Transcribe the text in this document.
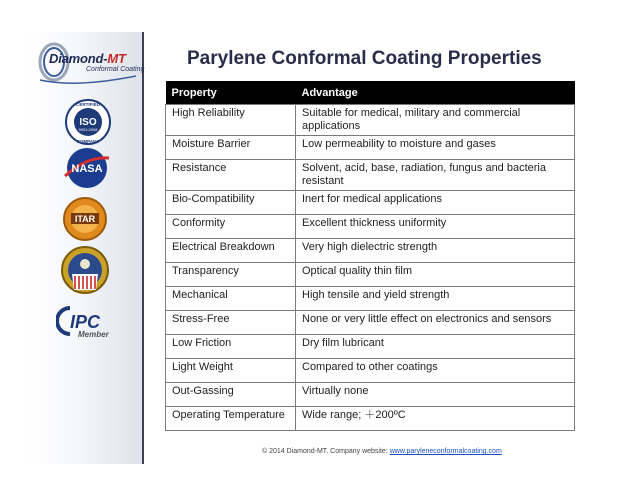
Diamond-MT
Conformal Coating
ISO
9001:2008
CERTIFIED
COMPANY
NASA
ITAR
IPC
Member
Parylene Conformal Coating Properties
Property	Advantage
High Reliability	Suitable for medical, military and commercial applications
Moisture Barrier	Low permeability to moisture and gases
Resistance	Solvent, acid, base, radiation, fungus and bacteria resistant
Bio-Compatibility	Inert for medical applications
Conformity	Excellent thickness uniformity
Electrical Breakdown	Very high dielectric strength
Transparency	Optical quality thin film
Mechanical	High tensile and yield strength
Stress-Free	None or very little effect on electronics and sensors
Low Friction	Dry film lubricant
Light Weight	Compared to other coatings
Out-Gassing	Virtually none
Operating Temperature	Wide range; ＋200ºC
© 2014 Diamond-MT. Company website: www.paryleneconformalcoating.com
